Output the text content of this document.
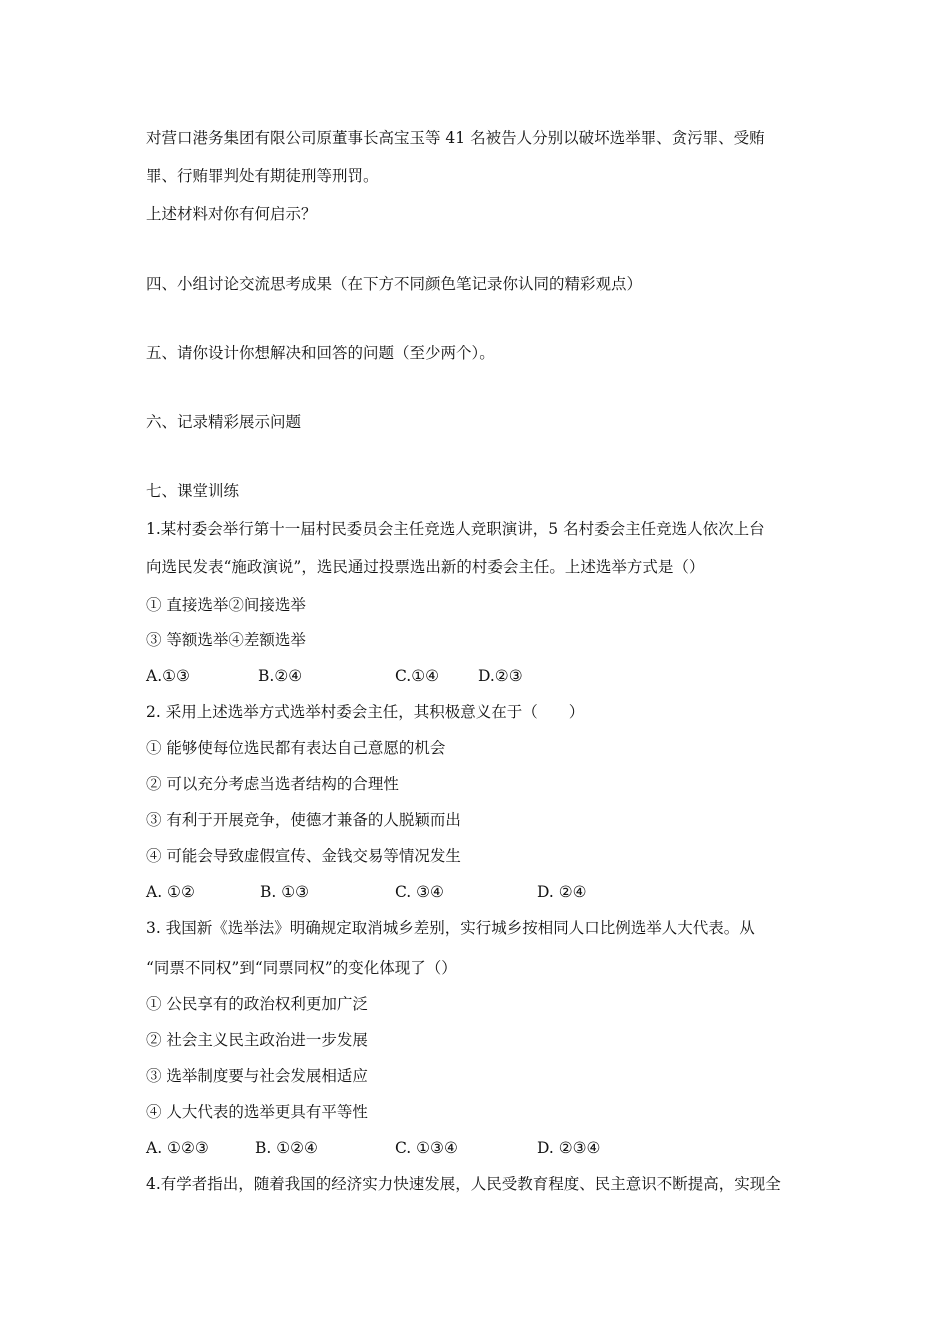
对营口港务集团有限公司原董事长高宝玉等 41 名被告人分别以破坏选举罪、贪污罪、受贿
罪、行贿罪判处有期徒刑等刑罚。
上述材料对你有何启示？
四、小组讨论交流思考成果（在下方不同颜色笔记录你认同的精彩观点）
五、请你设计你想解决和回答的问题（至少两个）。
六、记录精彩展示问题
七、课堂训练
1.某村委会举行第十一届村民委员会主任竞选人竞职演讲，5 名村委会主任竞选人依次上台
向选民发表“施政演说”，选民通过投票选出新的村委会主任。上述选举方式是（）
① 直接选举②间接选举
③ 等额选举④差额选举
A.①③	B.②④	C.①④	D.②③
2. 采用上述选举方式选举村委会主任，其积极意义在于（　　）
① 能够使每位选民都有表达自己意愿的机会
② 可以充分考虑当选者结构的合理性
③ 有利于开展竞争，使德才兼备的人脱颖而出
④ 可能会导致虚假宣传、金钱交易等情况发生
A. ①②	B. ①③	C. ③④	D. ②④
3. 我国新《选举法》明确规定取消城乡差别，实行城乡按相同人口比例选举人大代表。从
“同票不同权”到“同票同权”的变化体现了（）
① 公民享有的政治权利更加广泛
② 社会主义民主政治进一步发展
③ 选举制度要与社会发展相适应
④ 人大代表的选举更具有平等性
A. ①②③	B. ①②④	C. ①③④	D. ②③④
4.有学者指出，随着我国的经济实力快速发展，人民受教育程度、民主意识不断提高，实现全
